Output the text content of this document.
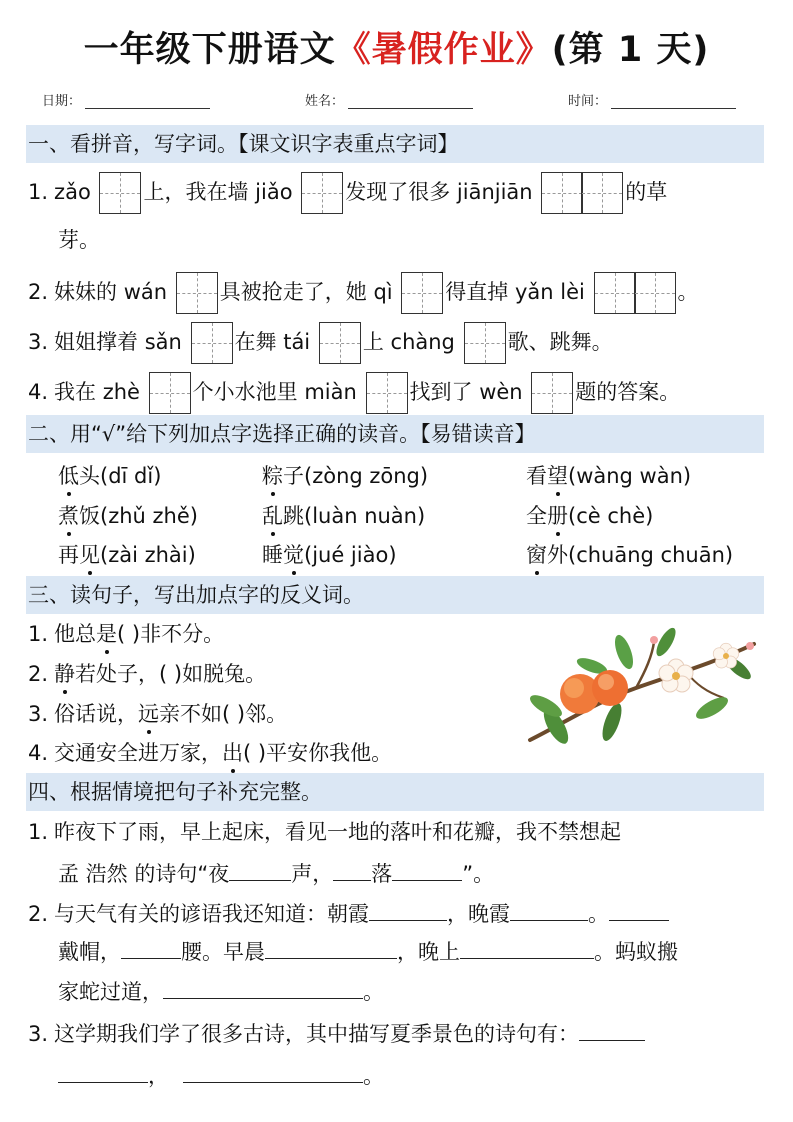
一年级下册语文《暑假作业》(第 1 天)
日期：	姓名：	时间：
一、看拼音，写字词。【课文识字表重点字词】
1. zǎo	上，我在墙 jiǎo	发现了很多 jiānjiān	的草
芽。
2. 妹妹的 wán	具被抢走了，她 qì	得直掉 yǎn lèi	。
3. 姐姐撑着 sǎn	在舞 tái	上 chàng	歌、跳舞。
4. 我在 zhè	个小水池里 miàn	找到了 wèn	题的答案。
二、用“√”给下列加点字选择正确的读音。【易错读音】
低头(dī dǐ)	粽子(zòng zōng)	看望(wàng wàn)
煮饭(zhǔ zhě)	乱跳(luàn nuàn)	全册(cè chè)
再见(zài zhài)	睡觉(jué jiào)	窗外(chuāng chuān)
三、读句子，写出加点字的反义词。
1. 他总是( )非不分。
2. 静若处子，( )如脱兔。
3. 俗话说，远亲不如( )邻。
4. 交通安全进万家，出( )平安你我他。
四、根据情境把句子补充完整。
1. 昨夜下了雨，早上起床，看见一地的落叶和花瓣，我不禁想起
孟 浩然 的诗句“夜	声， 落	”。
2. 与天气有关的谚语我还知道：朝霞	，晚霞	。
戴帽，	腰。早晨	，晚上	。蚂蚁搬
家蛇过道，	。
3. 这学期我们学了很多古诗，其中描写夏季景色的诗句有：
，	。
